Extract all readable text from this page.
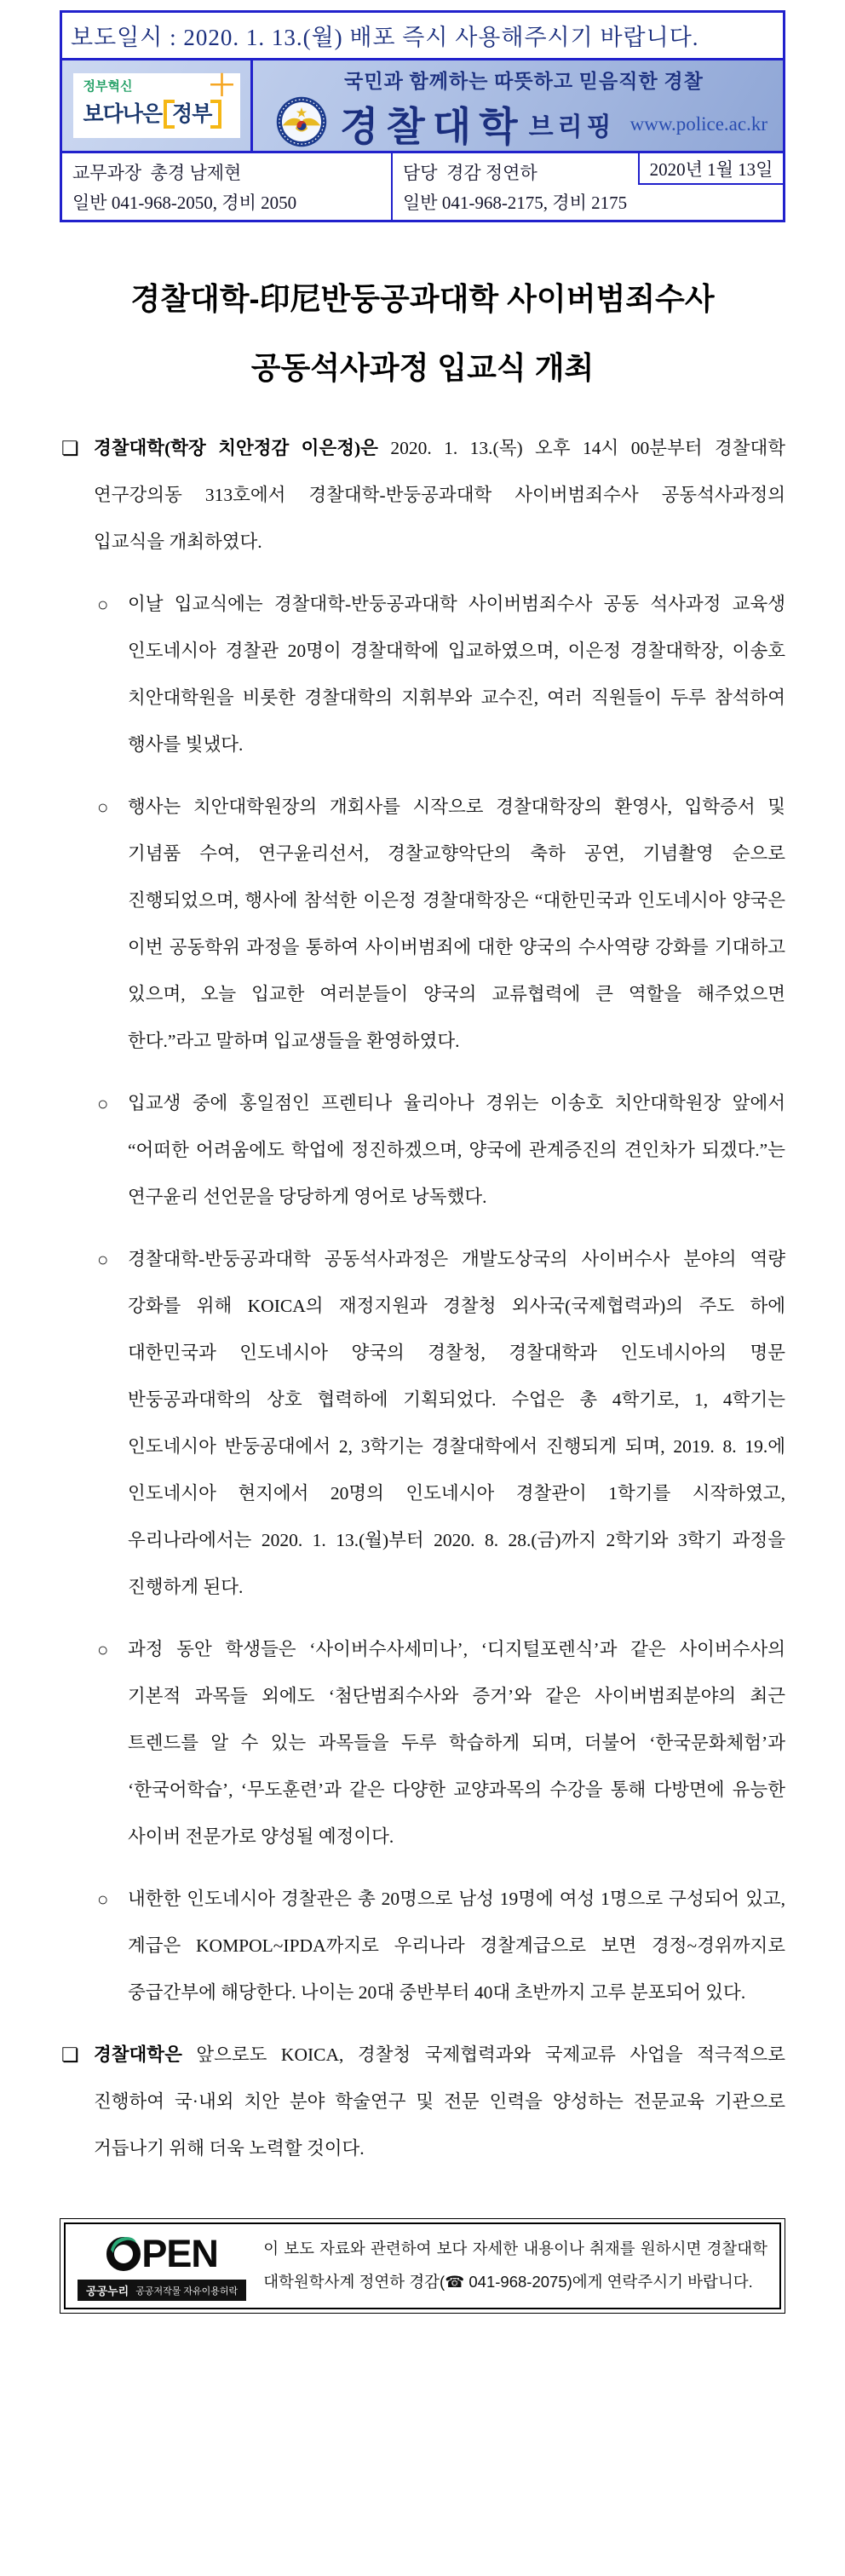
보도일시 : 2020. 1. 13.(월) 배포 즉시 사용해주시기 바랍니다.
정부혁신
보다나은 정부
＋	국민과 함께하는 따뜻하고 믿음직한 경찰
경찰대학 브리핑 www.police.ac.kr
교무과장  총경 남제현
일반 041-968-2050, 경비 2050
담당  경감 정연하
일반 041-968-2175, 경비 2175
2020년 1월 13일
경찰대학-印尼반둥공과대학 사이버범죄수사
공동석사과정 입교식 개최
❏ 경찰대학(학장 치안정감 이은정)은 2020. 1. 13.(목) 오후 14시 00분부터 경찰대학 연구강의동 313호에서 경찰대학-반둥공과대학 사이버범죄수사 공동석사과정의 입교식을 개최하였다.
○ 이날 입교식에는 경찰대학-반둥공과대학 사이버범죄수사 공동 석사과정 교육생 인도네시아 경찰관 20명이 경찰대학에 입교하였으며, 이은정 경찰대학장, 이송호 치안대학원을 비롯한 경찰대학의 지휘부와 교수진, 여러 직원들이 두루 참석하여 행사를 빛냈다.
○ 행사는 치안대학원장의 개회사를 시작으로 경찰대학장의 환영사, 입학증서 및 기념품 수여, 연구윤리선서, 경찰교향악단의 축하 공연, 기념촬영 순으로 진행되었으며, 행사에 참석한 이은정 경찰대학장은 “대한민국과 인도네시아 양국은 이번 공동학위 과정을 통하여 사이버범죄에 대한 양국의 수사역량 강화를 기대하고 있으며, 오늘 입교한 여러분들이 양국의 교류협력에 큰 역할을 해주었으면 한다.”라고 말하며 입교생들을 환영하였다.
○ 입교생 중에 홍일점인 프렌티나 율리아나 경위는 이송호 치안대학원장 앞에서 “어떠한 어려움에도 학업에 정진하겠으며, 양국에 관계증진의 견인차가 되겠다.”는 연구윤리 선언문을 당당하게 영어로 낭독했다.
○ 경찰대학-반둥공과대학 공동석사과정은 개발도상국의 사이버수사 분야의 역량 강화를 위해 KOICA의 재정지원과 경찰청 외사국(국제협력과)의 주도 하에 대한민국과 인도네시아 양국의 경찰청, 경찰대학과 인도네시아의 명문 반둥공과대학의 상호 협력하에 기획되었다. 수업은 총 4학기로, 1, 4학기는 인도네시아 반둥공대에서 2, 3학기는 경찰대학에서 진행되게 되며, 2019. 8. 19.에 인도네시아 현지에서 20명의 인도네시아 경찰관이 1학기를 시작하였고, 우리나라에서는 2020. 1. 13.(월)부터 2020. 8. 28.(금)까지 2학기와 3학기 과정을 진행하게 된다.
○ 과정 동안 학생들은 ‘사이버수사세미나’, ‘디지털포렌식’과 같은 사이버수사의 기본적 과목들 외에도 ‘첨단범죄수사와 증거’와 같은 사이버범죄분야의 최근 트렌드를 알 수 있는 과목들을 두루 학습하게 되며, 더불어 ‘한국문화체험’과 ‘한국어학습’, ‘무도훈련’과 같은 다양한 교양과목의 수강을 통해 다방면에 유능한 사이버 전문가로 양성될 예정이다.
○ 내한한 인도네시아 경찰관은 총 20명으로 남성 19명에 여성 1명으로 구성되어 있고, 계급은 KOMPOL~IPDA까지로 우리나라 경찰계급으로 보면 경정~경위까지로 중급간부에 해당한다. 나이는 20대 중반부터 40대 초반까지 고루 분포되어 있다.
❏ 경찰대학은 앞으로도 KOICA, 경찰청 국제협력과와 국제교류 사업을 적극적으로 진행하여 국·내외 치안 분야 학술연구 및 전문 인력을 양성하는 전문교육 기관으로 거듭나기 위해 더욱 노력할 것이다.
PEN
공공누리 공공저작물 자유이용허락
이 보도 자료와 관련하여 보다 자세한 내용이나 취재를 원하시면 경찰대학 대학원학사계 정연하 경감(☎ 041-968-2075)에게 연락주시기 바랍니다.
